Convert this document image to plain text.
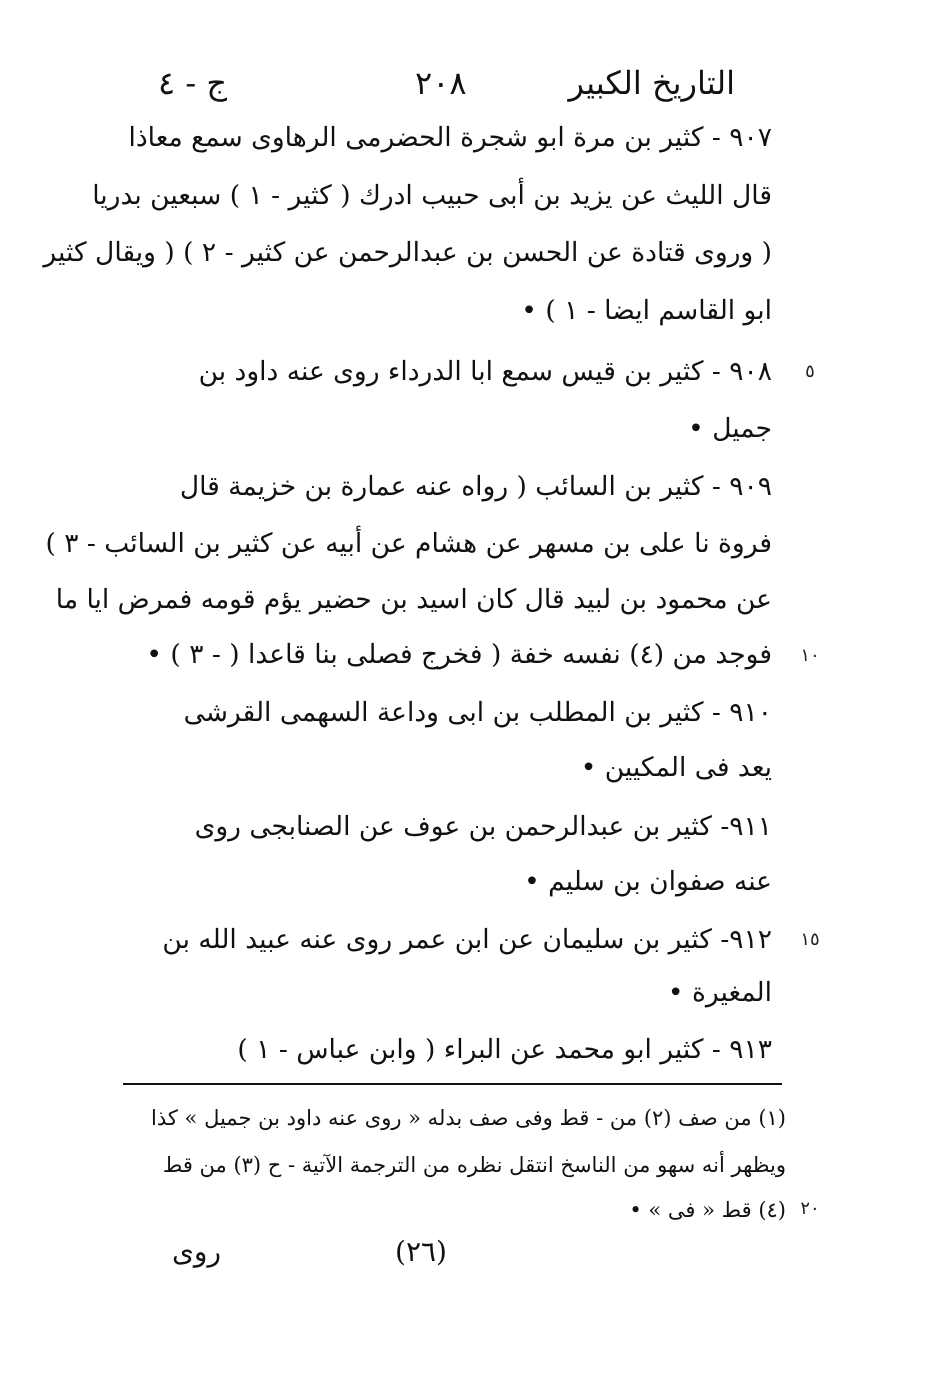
التاريخ الكبير
٢٠٨
ج - ٤
٩٠٧ - كثير بن مرة ابو شجرة الحضرمى الرهاوى سمع معاذا
قال الليث عن يزيد بن أبى حبيب ادرك ( كثير - ١ ) سبعين بدريا
( وروى قتادة عن الحسن بن عبدالرحمن عن كثير - ٢ ) ( ويقال كثير
ابو القاسم ايضا - ١ ) •
٩٠٨ - كثير بن قيس سمع ابا الدرداء روى عنه داود بن
جميل •
٩٠٩ - كثير بن السائب ( رواه عنه عمارة بن خزيمة قال
فروة نا على بن مسهر عن هشام عن أبيه عن كثير بن السائب - ٣ )
عن محمود بن لبيد قال كان اسيد بن حضير يؤم قومه فمرض ايا ما
فوجد من (٤) نفسه خفة ( فخرج فصلى بنا قاعدا ( - ٣ ) •
٩١٠ - كثير بن المطلب بن ابى وداعة السهمى القرشى
يعد فى المكيين •
٩١١- كثير بن عبدالرحمن بن عوف عن الصنابجى روى
عنه صفوان بن سليم •
٩١٢- كثير بن سليمان عن ابن عمر روى عنه عبيد الله بن
المغيرة •
٩١٣ - كثير ابو محمد عن البراء ( وابن عباس - ١ )
٥
١٠
١٥
٢٠
(١) من صف (٢) من - قط وفى صف بدله « روى عنه داود بن جميل » كذا
ويظهر أنه سهو من الناسخ انتقل نظره من الترجمة الآتية - ح (٣) من قط
(٤) قط « فى » •
روى	(٢٦)
